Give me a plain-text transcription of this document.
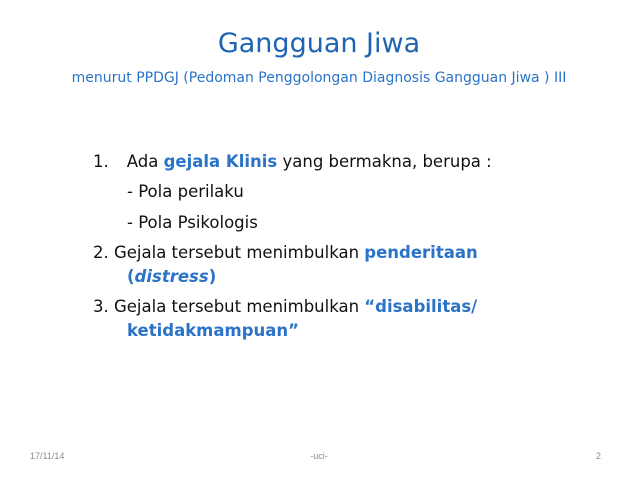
Gangguan Jiwa
menurut PPDGJ (Pedoman Penggolongan Diagnosis Gangguan Jiwa ) III
1. Ada gejala Klinis yang bermakna, berupa :
- Pola perilaku
- Pola Psikologis
2. Gejala tersebut menimbulkan penderitaan
(distress)
3. Gejala tersebut menimbulkan “disabilitas/
ketidakmampuan”
17/11/14	-uci-	2
